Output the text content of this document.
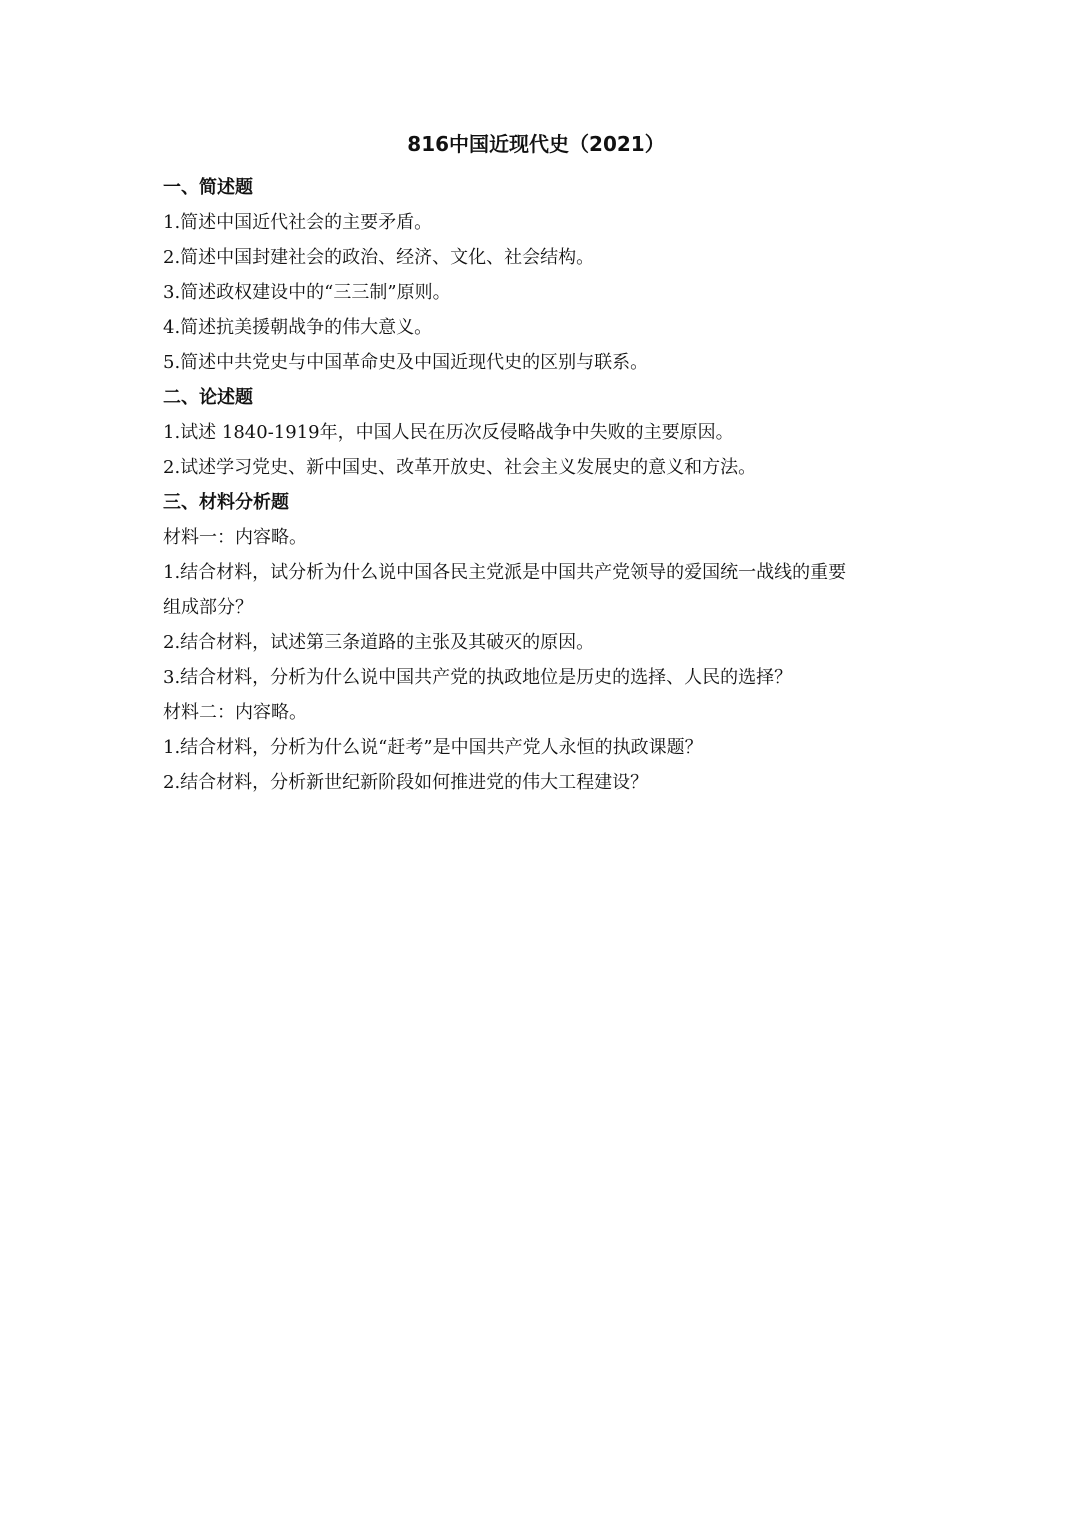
816中国近现代史（2021）
一、简述题
1.简述中国近代社会的主要矛盾。
2.简述中国封建社会的政治、经济、文化、社会结构。
3.简述政权建设中的“三三制”原则。
4.简述抗美援朝战争的伟大意义。
5.简述中共党史与中国革命史及中国近现代史的区别与联系。
二、论述题
1.试述 1840-1919年，中国人民在历次反侵略战争中失败的主要原因。
2.试述学习党史、新中国史、改革开放史、社会主义发展史的意义和方法。
三、材料分析题
材料一：内容略。
1.结合材料，试分析为什么说中国各民主党派是中国共产党领导的爱国统一战线的重要
组成部分？
2.结合材料，试述第三条道路的主张及其破灭的原因。
3.结合材料，分析为什么说中国共产党的执政地位是历史的选择、人民的选择？
材料二：内容略。
1.结合材料，分析为什么说“赶考”是中国共产党人永恒的执政课题？
2.结合材料，分析新世纪新阶段如何推进党的伟大工程建设？
